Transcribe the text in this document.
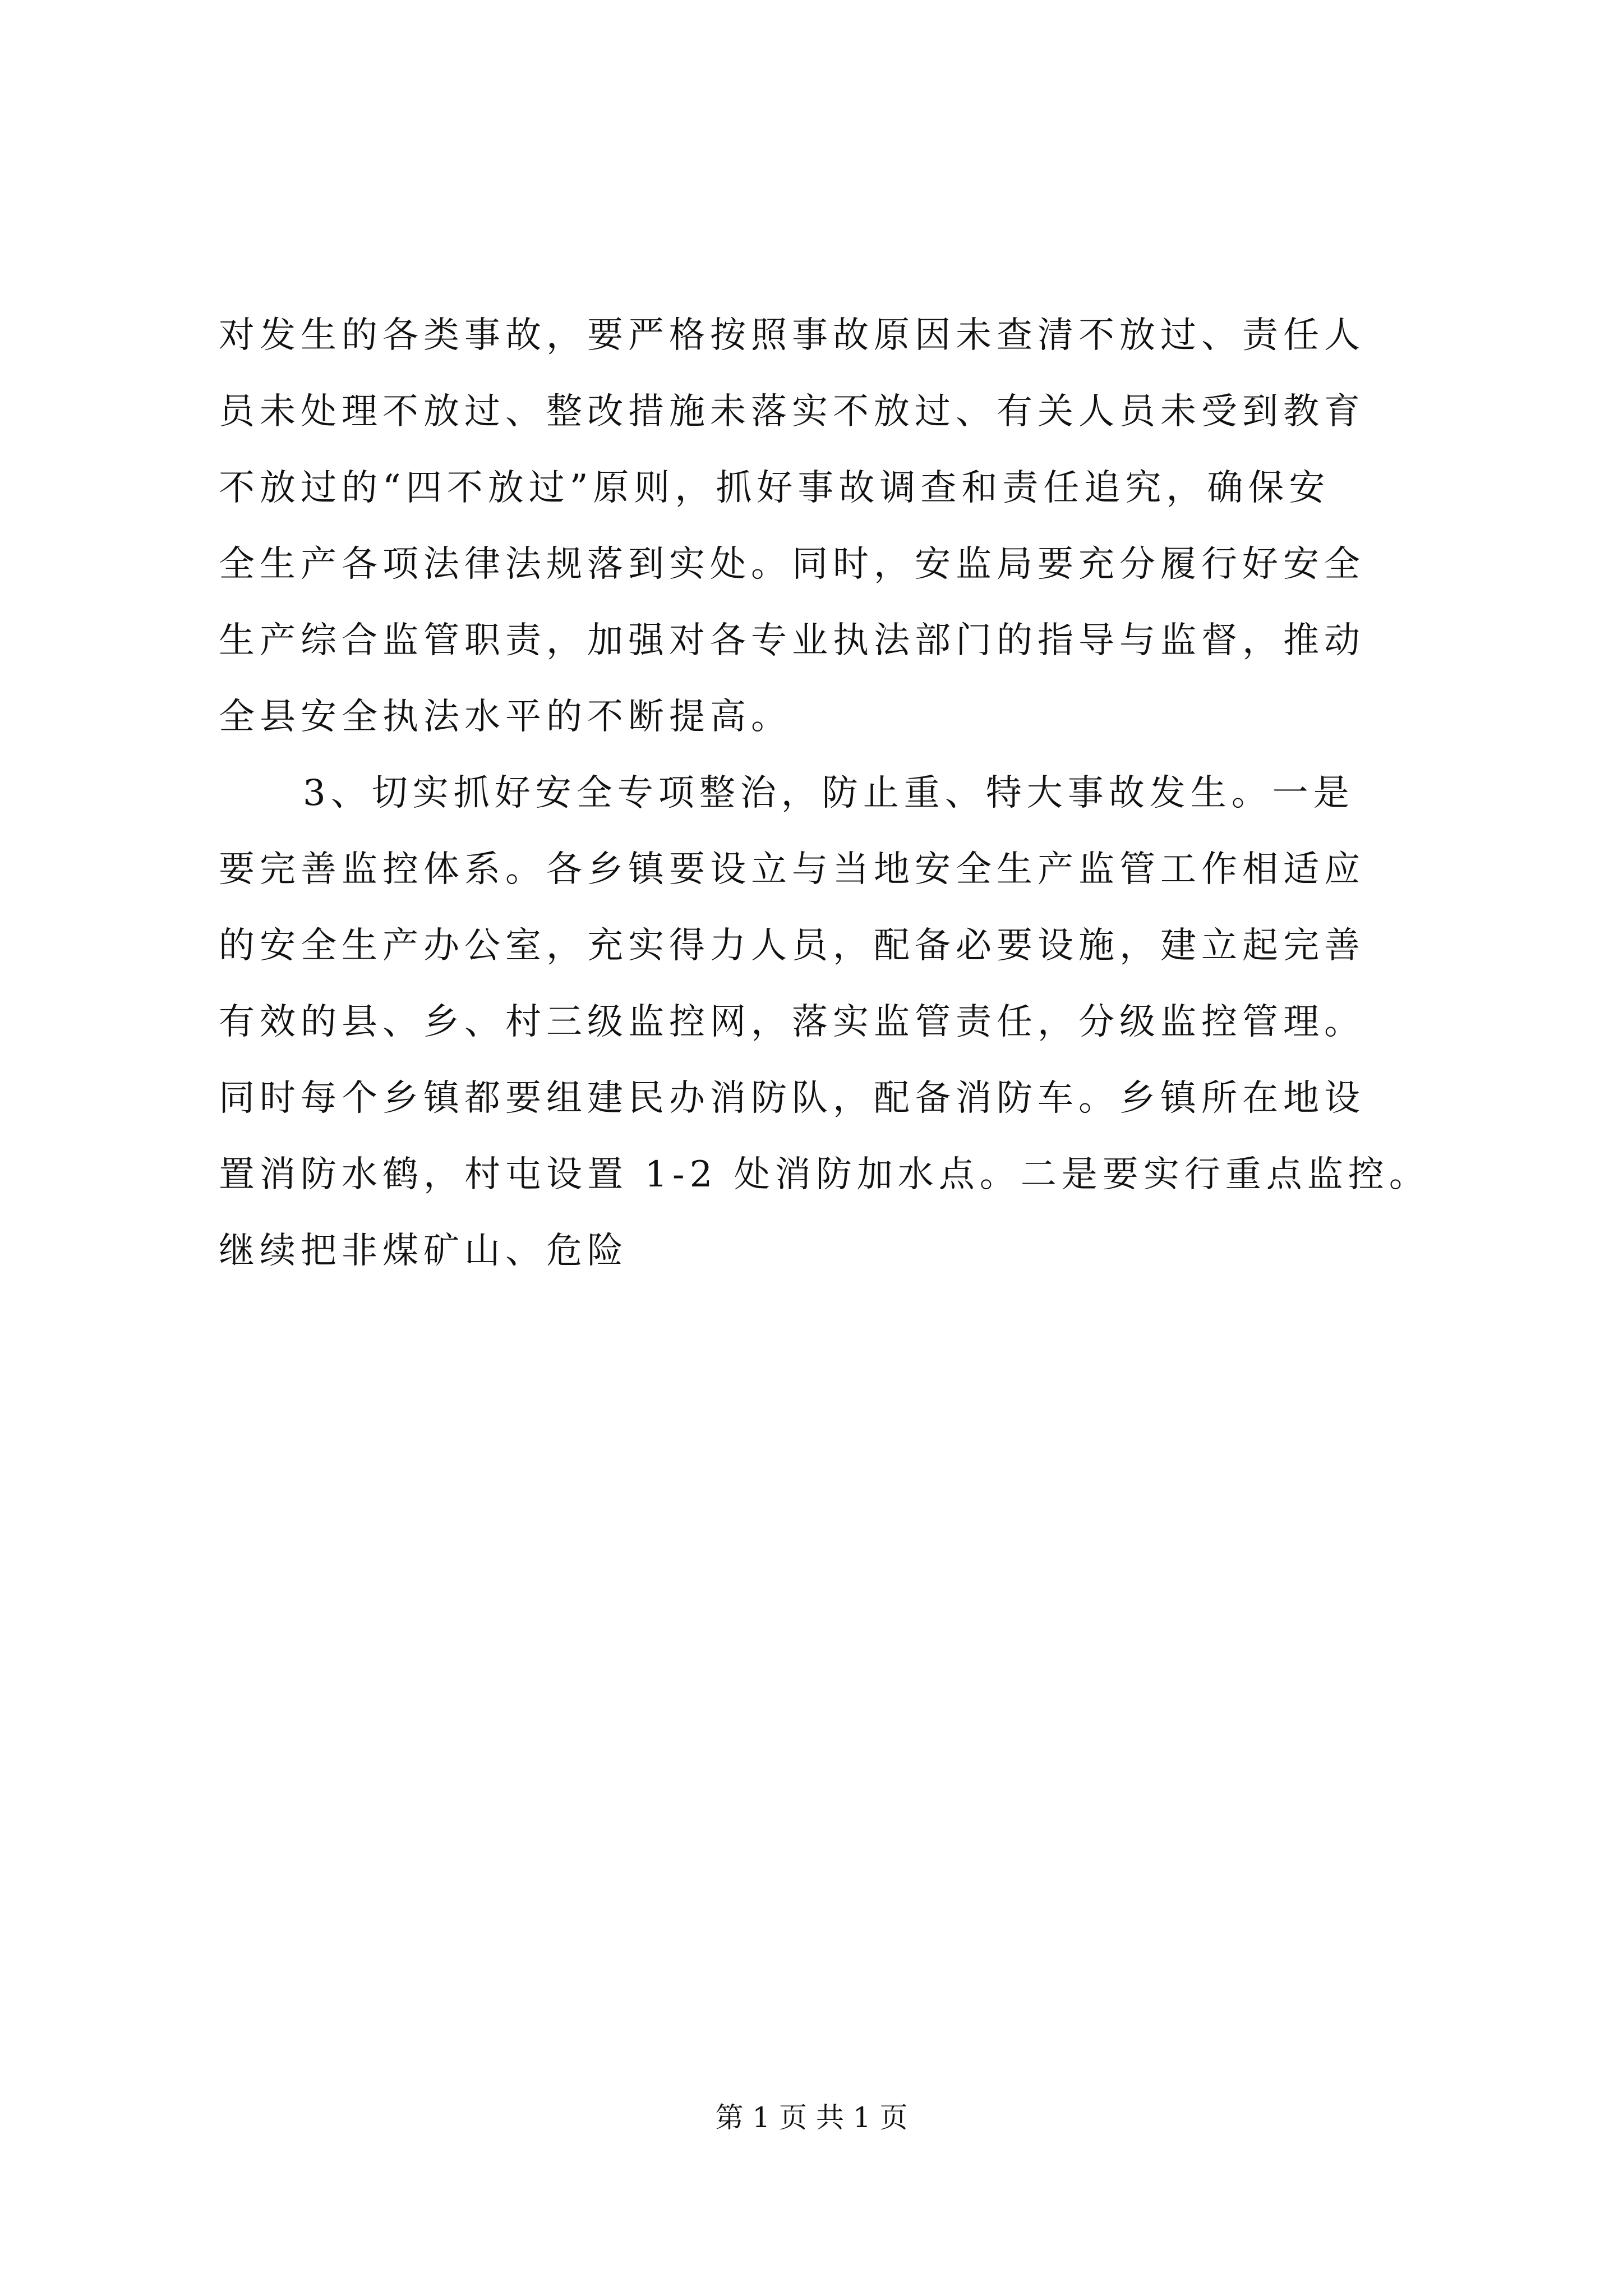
对发生的各类事故，要严格按照事故原因未查清不放过、责任人
员未处理不放过、整改措施未落实不放过、有关人员未受到教育
不放过的“四不放过”原则，抓好事故调查和责任追究，确保安
全生产各项法律法规落到实处。同时，安监局要充分履行好安全
生产综合监管职责，加强对各专业执法部门的指导与监督，推动
全县安全执法水平的不断提高。
3、切实抓好安全专项整治，防止重、特大事故发生。一是
要完善监控体系。各乡镇要设立与当地安全生产监管工作相适应
的安全生产办公室，充实得力人员，配备必要设施，建立起完善
有效的县、乡、村三级监控网，落实监管责任，分级监控管理。
同时每个乡镇都要组建民办消防队，配备消防车。乡镇所在地设
置消防水鹤，村屯设置 1-2 处消防加水点。二是要实行重点监控。
继续把非煤矿山、危险
第 1 页 共 1 页
